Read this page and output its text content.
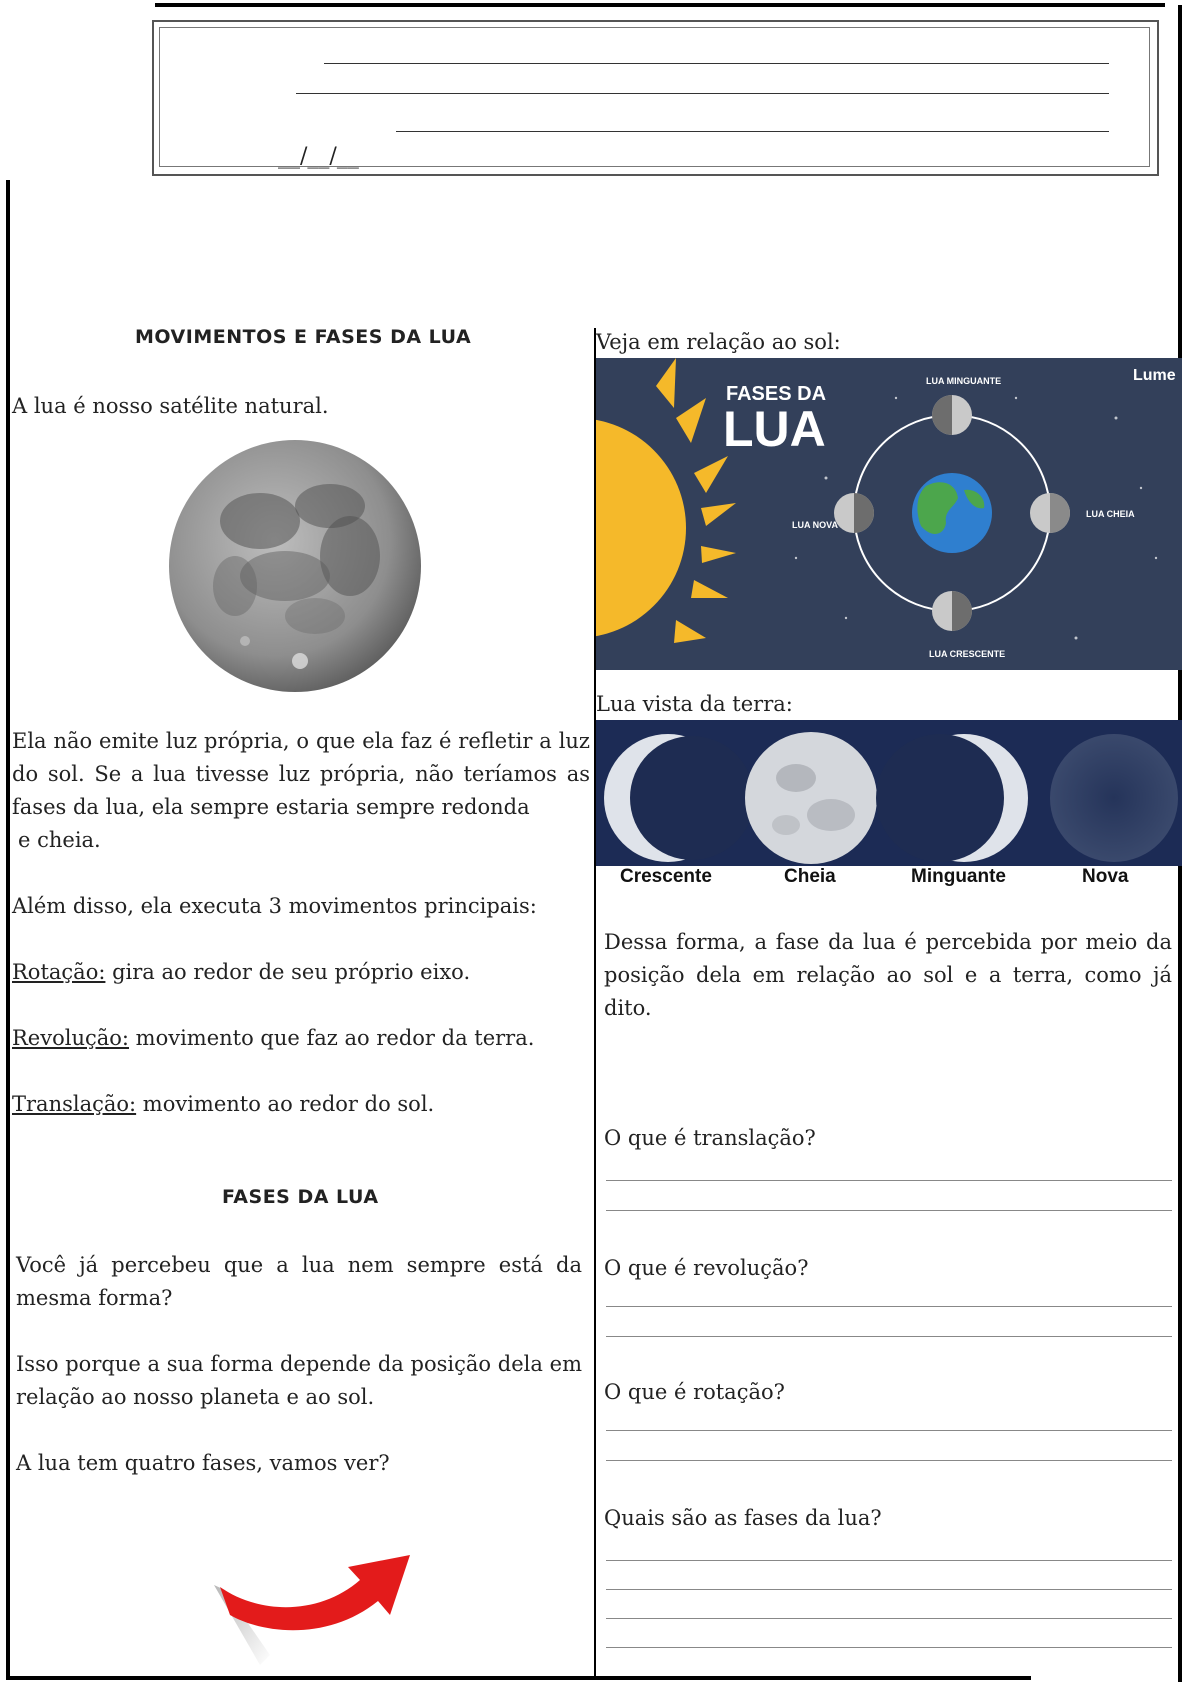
__/__/__
MOVIMENTOS E FASES DA LUA
A lua é nosso satélite natural.
Ela não emite luz própria, o que ela faz é refletir a luz do sol. Se a lua tivesse luz própria, não teríamos as fases da lua, ela sempre estaria sempre redonda
e cheia.
Além disso, ela executa 3 movimentos principais:
Rotação: gira ao redor de seu próprio eixo.
Revolução: movimento que faz ao redor da terra.
Translação: movimento ao redor do sol.
FASES DA LUA
Você já percebeu que a lua nem sempre está da mesma forma?
Isso porque a sua forma depende da posição dela em relação ao nosso planeta e ao sol.
A lua tem quatro fases, vamos ver?
Veja em relação ao sol:
FASES DA
LUA
Lume
LUA MINGUANTE
LUA NOVA
LUA CHEIA
LUA CRESCENTE
Lua vista da terra:
Crescente	Cheia	Minguante	Nova
Dessa forma, a fase da lua é percebida por meio da posição dela em relação ao sol e a terra, como já dito.
O que é translação?
O que é revolução?
O que é rotação?
Quais são as fases da lua?
